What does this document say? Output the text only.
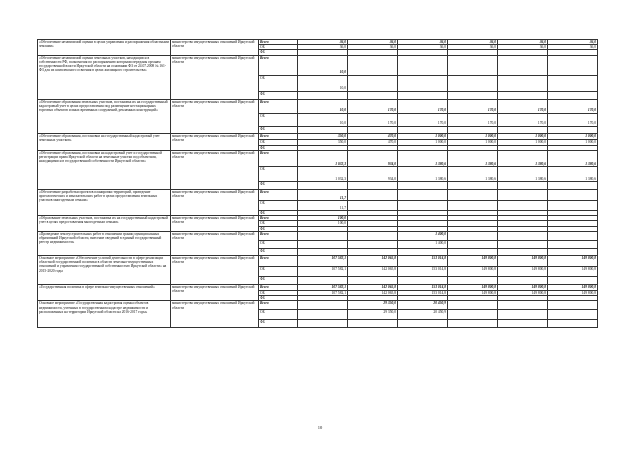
«Обеспечение независимой оценки в целях управления и распоряжения областными землями»	министерство имущественных отношений Иркутской области	Всего	36,0	36,0	36,0	36,0	36,0	36,0
		ОБ	36,0	36,0	36,0	36,0	36,0	36,0
		ФБ						
«Обеспечение независимой оценки земельных участков, находящихся в собственности РФ, полномочия по распоряжению которыми переданы органам государственной власти Иркутской области на основании ФЗ от 24.07.2008 № 161-ФЗ для их комплексного освоения в целях жилищного строительства»	министерство имущественных отношений Иркутской области	Всего	10,0					
		ОБ	10,0					
		ФБ						
«Обеспечение образования земельных участков, постановка их на государственный кадастровый учет в целях предоставления под размещение нестационарных торговых объектов и иных временных сооружений, рекламных конструкций»	министерство имущественных отношений Иркутской области	Всего	10,0	170,0	170,0	170,0	170,0	170,0
		ОБ	10,0	170,0	170,0	170,0	170,0	170,0
		ФБ						
«Обеспечение образования, постановки на государственный кадастровый учет земельных участков»	министерство имущественных отношений Иркутской области	Всего	350,0	470,0	1 000,0	1 000,0	1 000,0	1 000,0
		ОБ	350,0	470,0	1 000,0	1 000,0	1 000,0	1 000,0
		ФБ						
«Обеспечение образования, постановки на кадастровый учет и государственной регистрации права Иркутской области на земельные участки под объектами, находящимися в государственной собственности Иркутской области»	министерство имущественных отношений Иркутской области	Всего	1 032,3	934,0	1 380,6	1 380,6	1 380,6	1 380,6
		ОБ	1 032,3	934,0	1 380,6	1 380,6	1 380,6	1 380,6
		ФБ						
«Обеспечение разработки проектов планировки территорий, проведение археологических и изыскательских работ в целях предоставления земельных участков многодетным семьям»	министерство имущественных отношений Иркутской области	Всего	11,7					
		ОБ	11,7					
		ФБ						
«Образование земельных участков, постановка их на государственный кадастровый учет в целях предоставления многодетным семьям»	министерство имущественных отношений Иркутской области	Всего	100,0					
		ОБ	100,0					
		ФБ						
«Проведение землеустроительных работ в отношении границ муниципальных образований Иркутской области, внесение сведений в единый государственный реестр недвижимости»	министерство имущественных отношений Иркутской области	Всего			1 400,0			
		ОБ			1 400,0			
		ФБ						
Основное мероприятие «Обеспечение условий деятельности в сфере реализации областной государственной политики в области земельно-имущественных отношений и управления государственной собственностью Иркутской области» на 2015-2020 годы	министерство имущественных отношений Иркутской области	Всего	107 582,1	142 065,8	153 014,8	149 800,8	149 800,8	149 800,8
		ОБ	107 582,1	142 065,8	153 014,8	149 800,8	149 800,8	149 800,8
		ФБ						
«Государственная политика в сфере земельно-имущественных отношений»	министерство имущественных отношений Иркутской области	Всего	107 582,1	142 065,8	153 014,8	149 800,8	149 800,8	149 800,8
		ОБ	107 582,1	142 065,8	153 014,8	149 800,8	149 800,8	149 800,8
		ФБ						
Основное мероприятие «Государственная кадастровая оценка объектов недвижимости, учтенных в государственном кадастре недвижимости и расположенных на территории Иркутской области на 2016-2017 годы»	министерство имущественных отношений Иркутской области	Всего		29 350,0	20 450,9			
		ОБ		29 350,0	20 450,9			
		ФБ						
10
